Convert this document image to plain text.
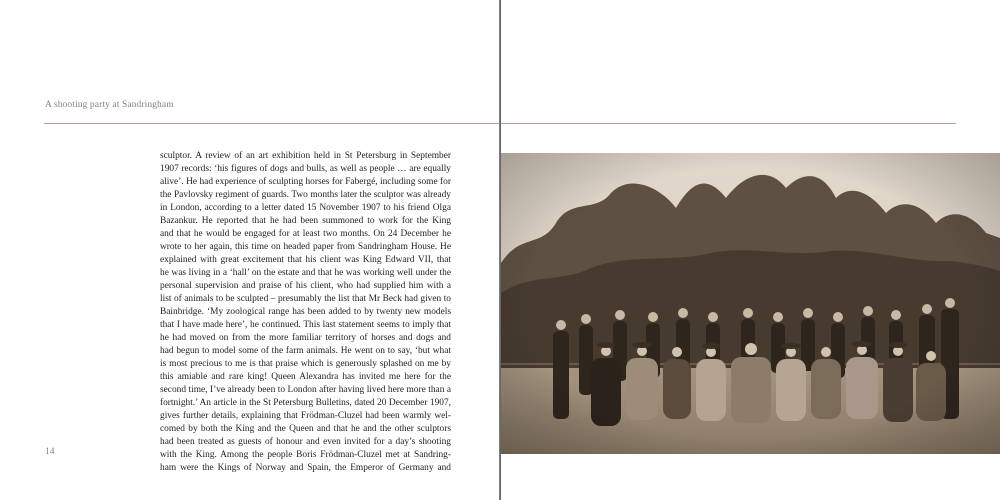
A shooting party at Sandringham
14
sculptor. A review of an art exhibition held in St Petersburg in September
1907 records: ‘his figures of dogs and bulls, as well as people … are equally
alive’. He had experience of sculpting horses for Fabergé, including some for
the Pavlovsky regiment of guards. Two months later the sculptor was already
in London, according to a letter dated 15 November 1907 to his friend Olga
Bazankur. He reported that he had been summoned to work for the King
and that he would be engaged for at least two months. On 24 December he
wrote to her again, this time on headed paper from Sandringham House. He
explained with great excitement that his client was King Edward VII, that
he was living in a ‘hall’ on the estate and that he was working well under the
personal supervision and praise of his client, who had supplied him with a
list of animals to be sculpted – presumably the list that Mr Beck had given to
Bainbridge. ‘My zoological range has been added to by twenty new models
that I have made here’, he continued. This last statement seems to imply that
he had moved on from the more familiar territory of horses and dogs and
had begun to model some of the farm animals. He went on to say, ‘but what
is most precious to me is that praise which is generously splashed on me by
this amiable and rare king! Queen Alexandra has invited me here for the
second time, I’ve already been to London after having lived here more than a
fortnight.’ An article in the St Petersburg Bulletins, dated 20 December 1907,
gives further details, explaining that Frödman-Cluzel had been warmly wel-
comed by both the King and the Queen and that he and the other sculptors
had been treated as guests of honour and even invited for a day’s shooting
with the King. Among the people Boris Frödman-Cluzel met at Sandring-
ham were the Kings of Norway and Spain, the Emperor of Germany and
